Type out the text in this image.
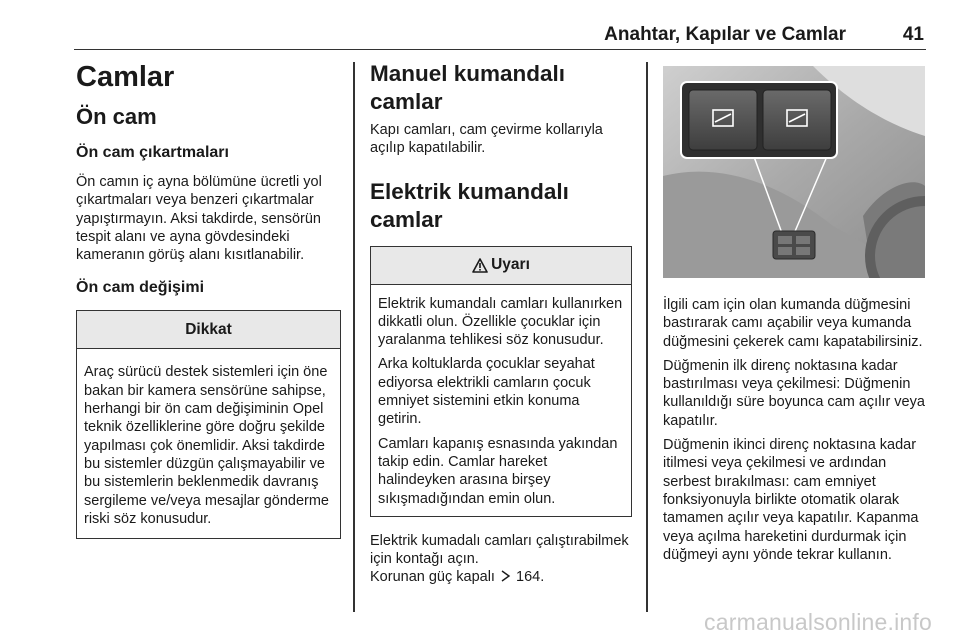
Anahtar, Kapılar ve Camlar	41
Camlar
Ön cam
Ön cam çıkartmaları

Ön camın iç ayna bölümüne ücretli yol çıkartmaları veya benzeri çıkartmalar yapıştırmayın. Aksi takdirde, sensörün tespit alanı ve ayna gövdesindeki kameranın görüş alanı kısıtlanabilir.

Ön cam değişimi
Dikkat

Araç sürücü destek sistemleri için öne bakan bir kamera sensörüne sahipse, herhangi bir ön cam değişiminin Opel teknik özelliklerine göre doğru şekilde yapılması çok önemlidir. Aksi takdirde bu sistemler düzgün çalışmayabilir ve bu sistemlerin beklenmedik davranış sergileme ve/veya mesajlar gönderme riski söz konusudur.

Manuel kumandalı camlar

Kapı camları, cam çevirme kollarıyla açılıp kapatılabilir.

Elektrik kumandalı camlar
Uyarı

Elektrik kumandalı camları kullanırken dikkatli olun. Özellikle çocuklar için yaralanma tehlikesi söz konusudur.

Arka koltuklarda çocuklar seyahat ediyorsa elektrikli camların çocuk emniyet sistemini etkin konuma getirin.

Camları kapanış esnasında yakından takip edin. Camlar hareket halindeyken arasına birşey sıkışmadığından emin olun.

Elektrik kumadalı camları çalıştırabilmek için kontağı açın.

Korunan güç kapalı 164.

İlgili cam için olan kumanda düğmesini bastırarak camı açabilir veya kumanda düğmesini çekerek camı kapatabilirsiniz.

Düğmenin ilk direnç noktasına kadar bastırılması veya çekilmesi: Düğmenin kullanıldığı süre boyunca cam açılır veya kapatılır.

Düğmenin ikinci direnç noktasına kadar itilmesi veya çekilmesi ve ardından serbest bırakılması: cam emniyet fonksiyonuyla birlikte otomatik olarak tamamen açılır veya kapatılır. Kapanma veya açılma hareketini durdurmak için düğmeyi aynı yönde tekrar kullanın.

carmanualsonline.info
